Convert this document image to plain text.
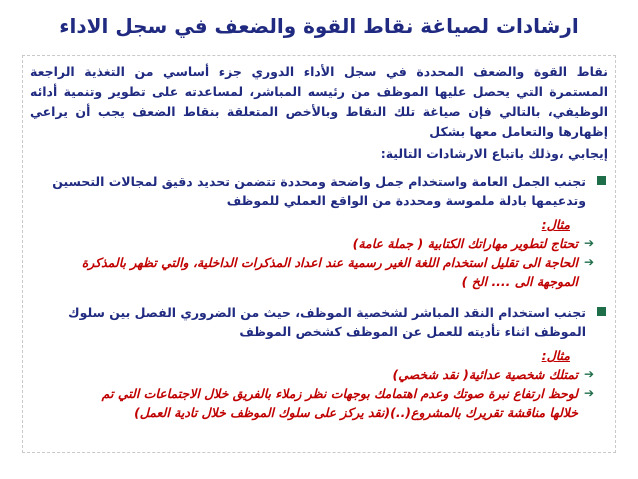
ارشادات لصياغة نقاط القوة والضعف في سجل الاداء

نقاط القوة والضعف المحددة في سجل الأداء الدوري جزء أساسي من التغذية الراجعة المستمرة التي يحصل عليها الموظف من رئيسه المباشر، لمساعدته على تطوير وتنمية أدائه الوظيفي، بالتالي فإن صياغة تلك النقاط وبالأخص المتعلقة بنقاط الضعف يجب أن يراعي إظهارها والتعامل معها بشكل

إيجابي ،وذلك باتباع الارشادات التالية:
تجنب الجمل العامة واستخدام جمل واضحة ومحددة تتضمن تحديد دقيق لمجالات التحسين وتدعيمها بادلة ملموسة ومحددة من الواقع العملي للموظف
مثال:
➔
تحتاج لتطوير مهاراتك الكتابية ( جملة عامة)
➔
الحاجة الى تقليل استخدام اللغة الغير رسمية عند اعداد المذكرات الداخلية، والتي تظهر بالمذكرة
الموجهة الى .... الخ )
تجنب استخدام النقد المباشر لشخصية الموظف، حيث من الضروري الفصل بين سلوك الموظف اثناء تأديته للعمل عن الموظف كشخص الموظف
مثال:
➔
تمتلك شخصية عدائية( نقد شخصي)
➔
لوحظ ارتفاع نبرة صوتك وعدم اهتمامك بوجهات نظر زملاء بالفريق خلال الاجتماعات التي تم
خلالها مناقشة تقريرك بالمشروع(..)(نقد يركز على سلوك الموظف خلال تادية العمل)
